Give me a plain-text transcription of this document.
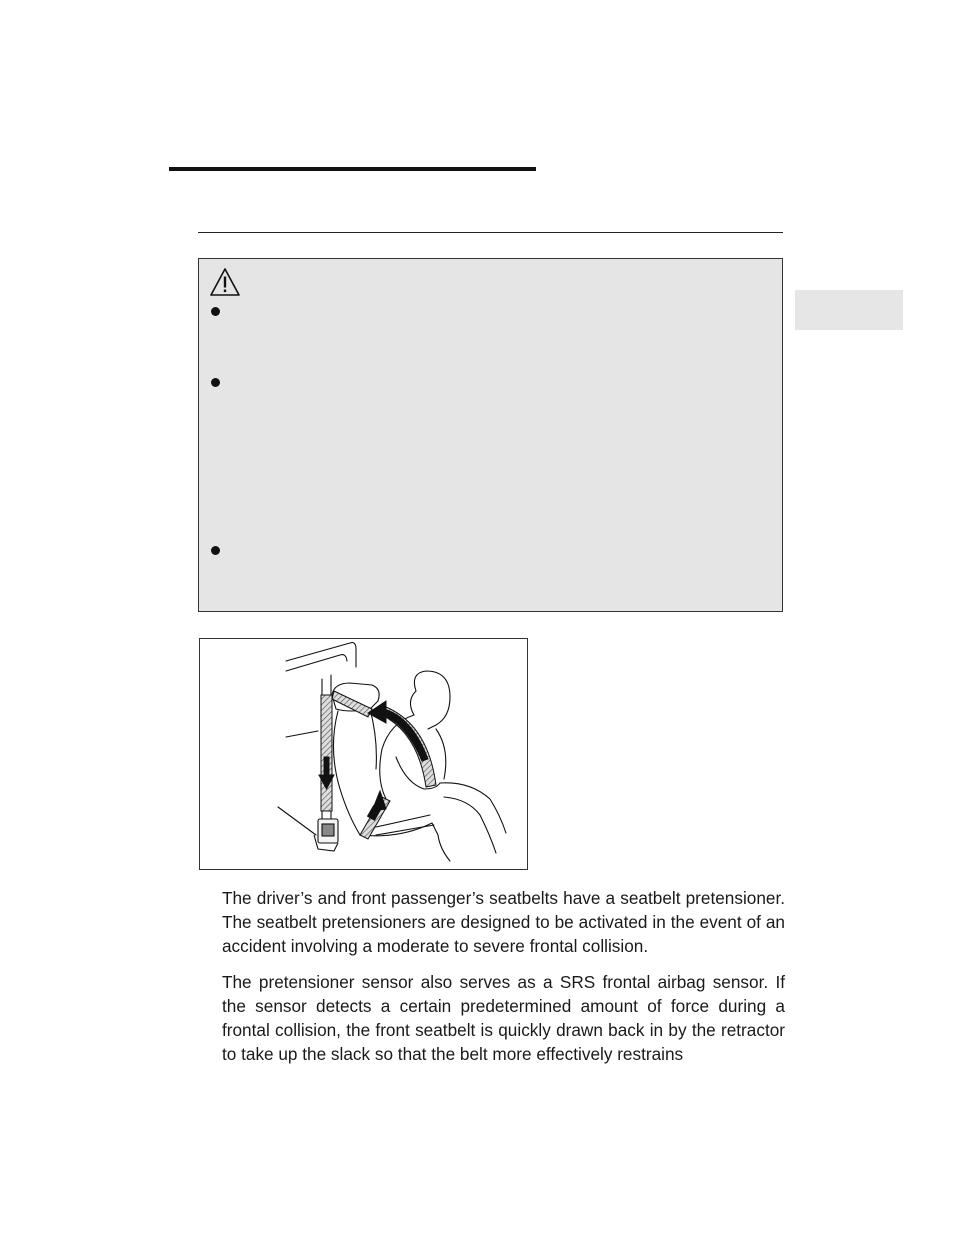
The driver’s and front passenger’s seatbelts have a seatbelt pretensioner. The seatbelt pretensioners are designed to be activated in the event of an accident involving a moderate to severe frontal collision.

The pretensioner sensor also serves as a SRS frontal airbag sensor. If the sensor detects a certain predetermined amount of force during a frontal collision, the front seatbelt is quickly drawn back in by the retractor to take up the slack so that the belt more effectively restrains
